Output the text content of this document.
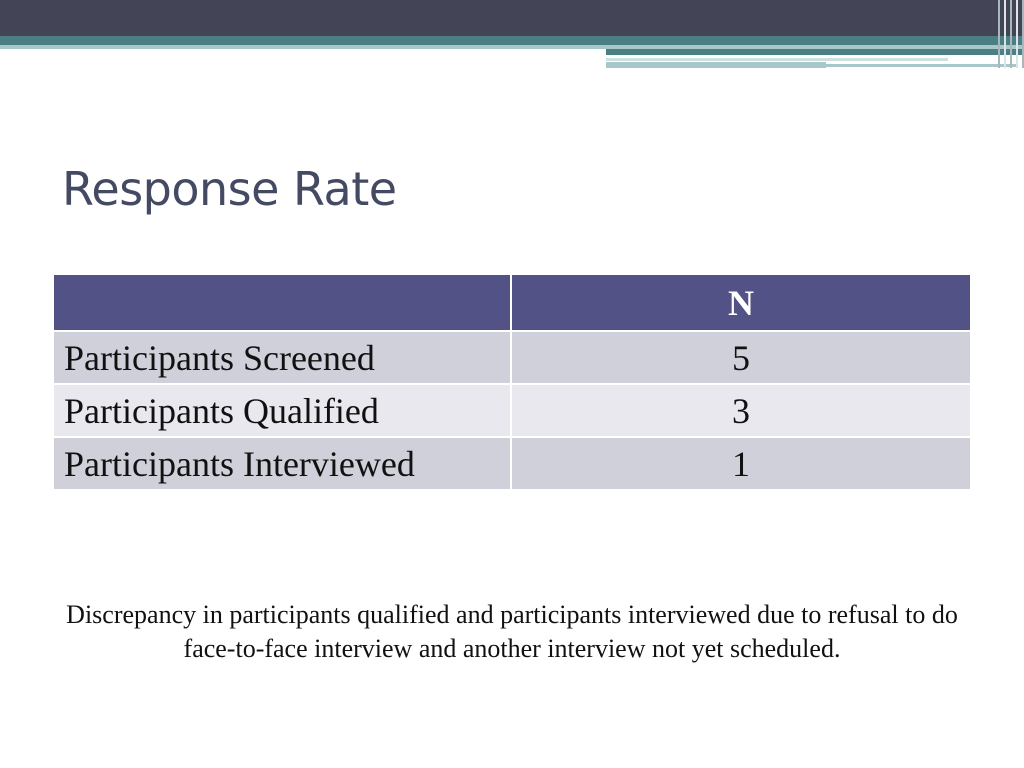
Response Rate
	N
Participants Screened	5
Participants Qualified	3
Participants Interviewed	1

Discrepancy in participants qualified and participants interviewed due to refusal to do face-to-face interview and another interview not yet scheduled.
